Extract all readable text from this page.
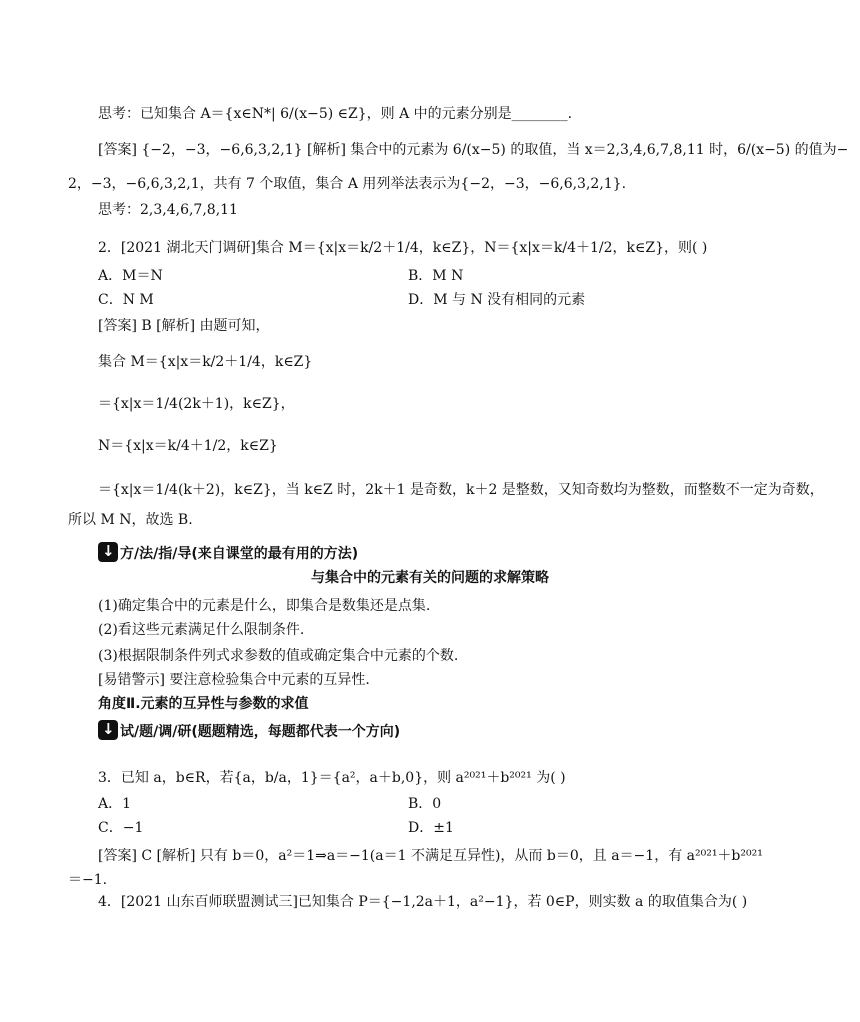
思考：已知集合 A＝{x∈N*| 6/(x−5) ∈Z}，则 A 中的元素分别是________.
[答案] {−2，−3，−6,6,3,2,1} [解析] 集合中的元素为 6/(x−5) 的取值，当 x＝2,3,4,6,7,8,11 时，6/(x−5) 的值为−
2，−3，−6,6,3,2,1，共有 7 个取值，集合 A 用列举法表示为{−2，−3，−6,6,3,2,1}.
思考：2,3,4,6,7,8,11
2．[2021 湖北天门调研]集合 M＝{x|x＝k/2＋1/4，k∈Z}，N＝{x|x＝k/4＋1/2，k∈Z}，则( )
A．M＝N	B．M N
C．N M	D．M 与 N 没有相同的元素
[答案] B [解析] 由题可知，
集合 M＝{x|x＝k/2＋1/4，k∈Z}
＝{x|x＝1/4(2k＋1)，k∈Z}，
N＝{x|x＝k/4＋1/2，k∈Z}
＝{x|x＝1/4(k＋2)，k∈Z}，当 k∈Z 时，2k＋1 是奇数，k＋2 是整数，又知奇数均为整数，而整数不一定为奇数，
所以 M N，故选 B.
↓方/法/指/导(来自课堂的最有用的方法)
与集合中的元素有关的问题的求解策略
(1)确定集合中的元素是什么，即集合是数集还是点集.
(2)看这些元素满足什么限制条件.
(3)根据限制条件列式求参数的值或确定集合中元素的个数.
[易错警示] 要注意检验集合中元素的互异性.
角度Ⅱ.元素的互异性与参数的求值
↓试/题/调/研(题题精选，每题都代表一个方向)
3．已知 a，b∈R，若{a，b/a，1}＝{a²，a＋b,0}，则 a²⁰²¹＋b²⁰²¹ 为( )
A．1	B．0
C．−1	D．±1
[答案] C [解析] 只有 b＝0，a²＝1⇒a＝−1(a＝1 不满足互异性)，从而 b＝0，且 a＝−1，有 a²⁰²¹＋b²⁰²¹
＝−1.
4．[2021 山东百师联盟测试三]已知集合 P＝{−1,2a＋1，a²−1}，若 0∈P，则实数 a 的取值集合为( )
